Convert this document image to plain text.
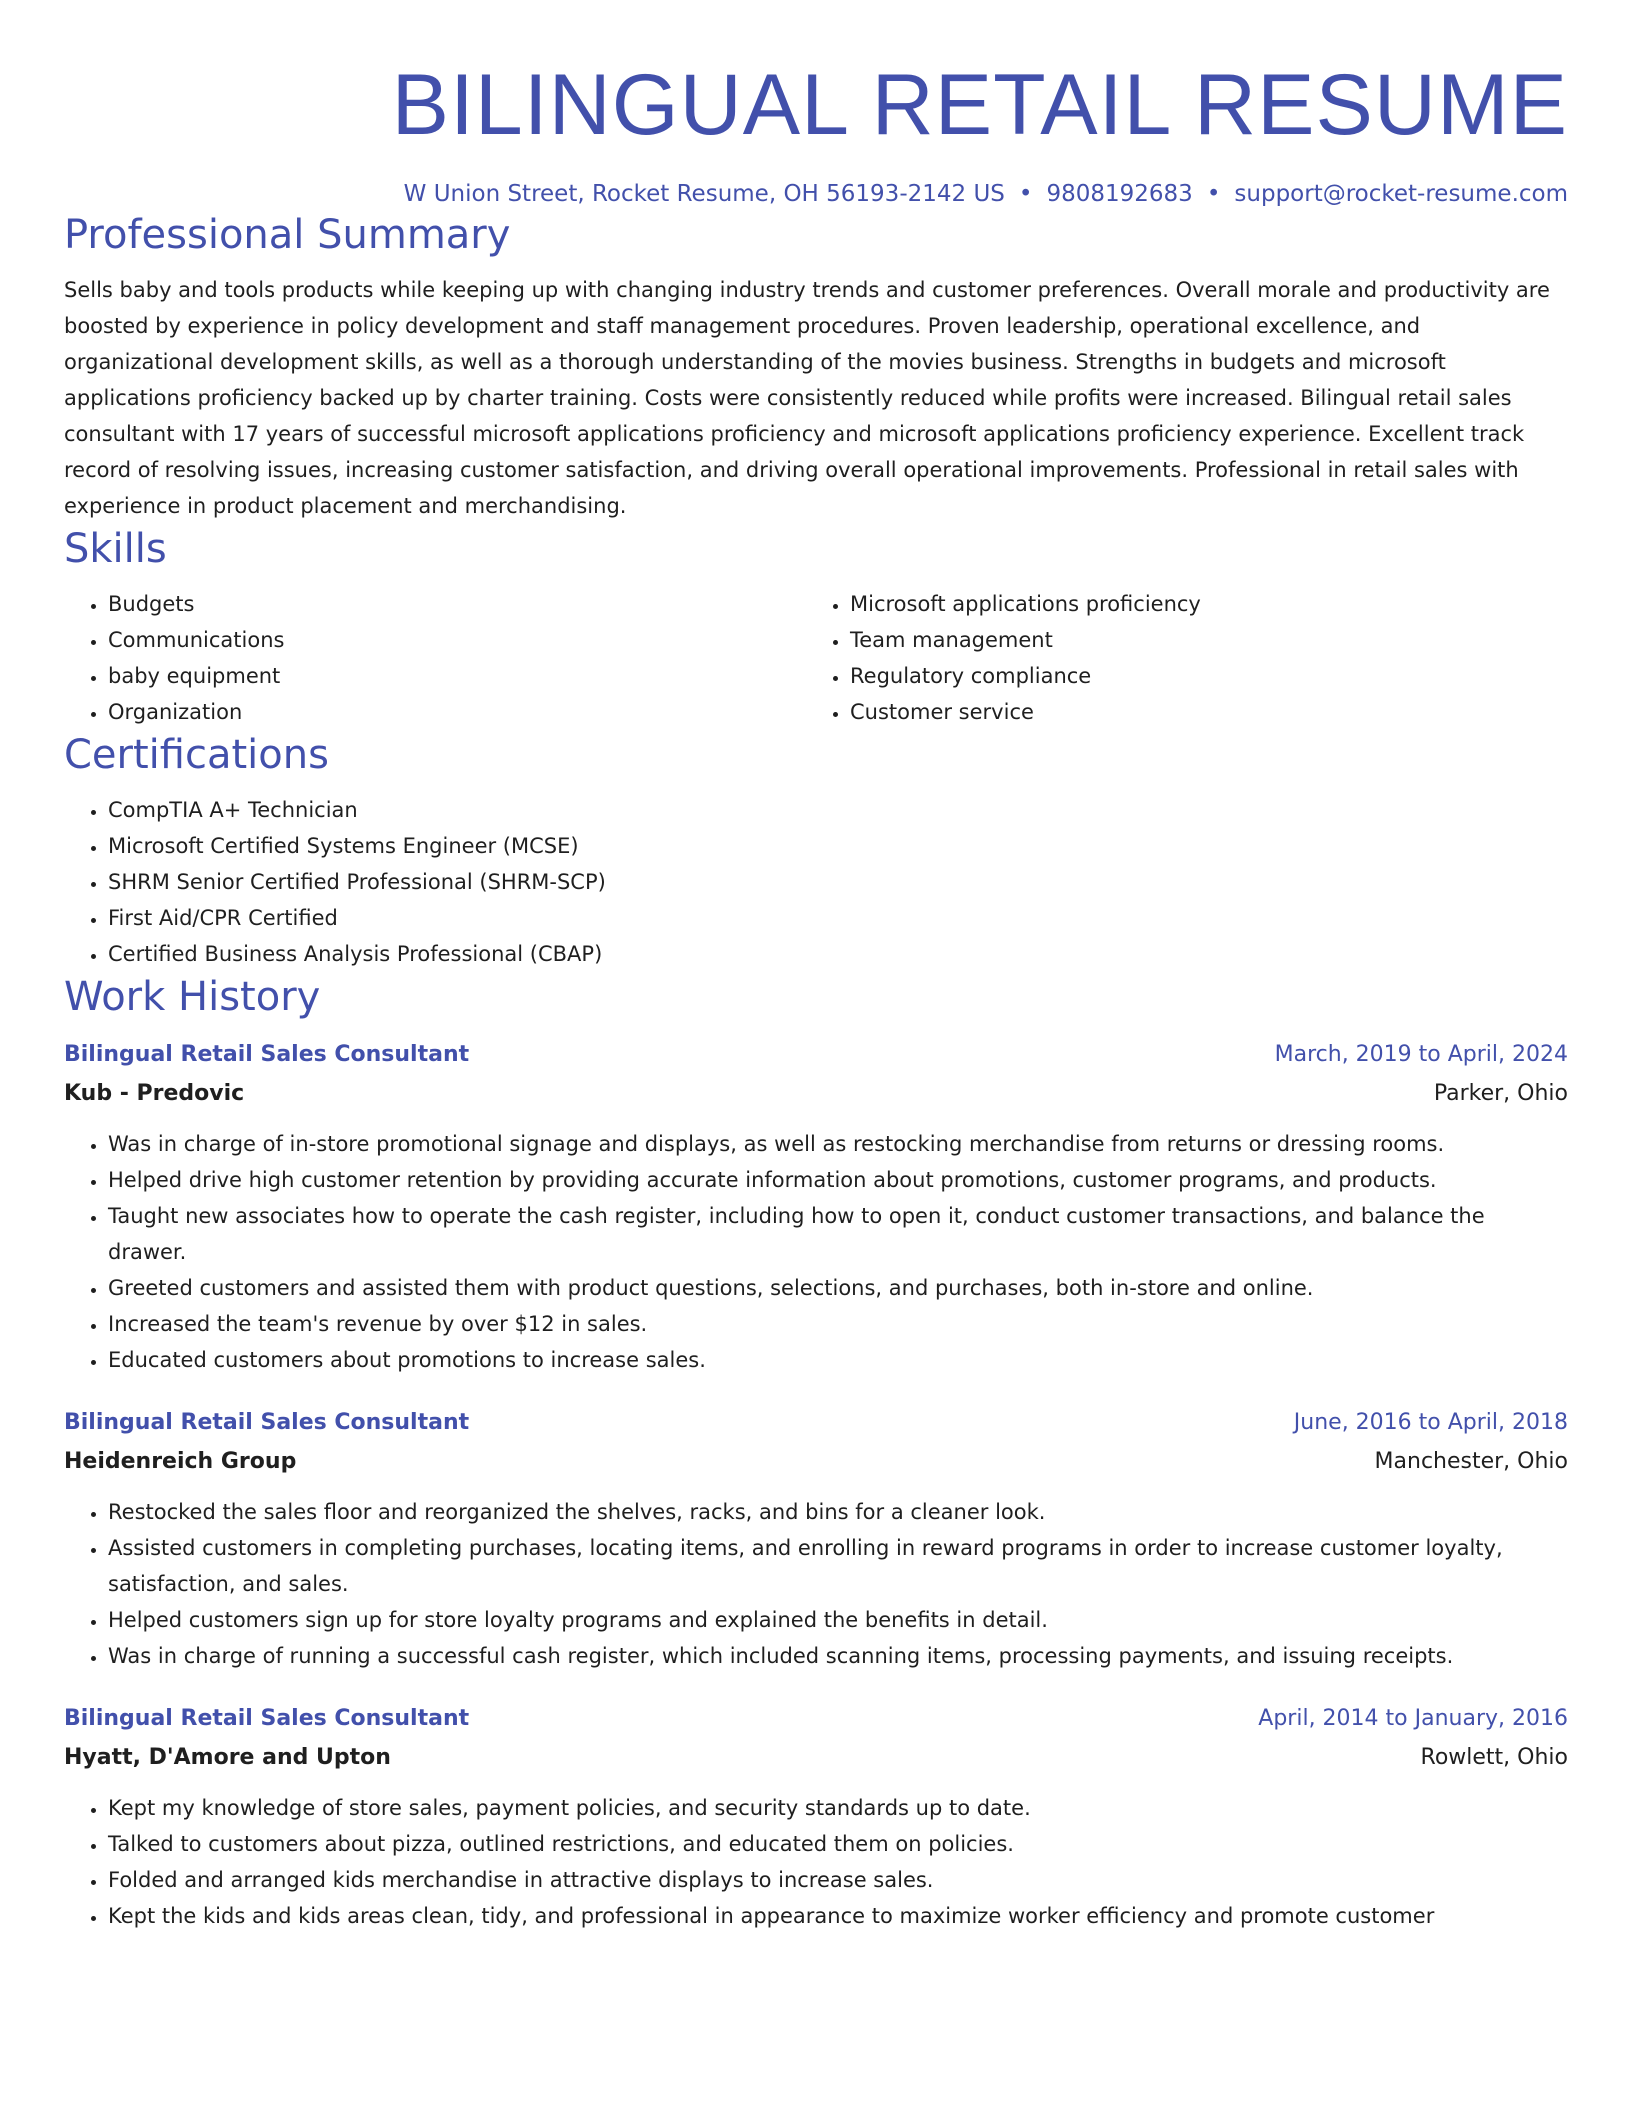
BILINGUAL RETAIL RESUME
W Union Street, Rocket Resume, OH 56193-2142 US • 9808192683 • support@rocket-resume.com
Professional Summary

Sells baby and tools products while keeping up with changing industry trends and customer preferences. Overall morale and productivity are boosted by experience in policy development and staff management procedures. Proven leadership, operational excellence, and organizational development skills, as well as a thorough understanding of the movies business. Strengths in budgets and microsoft applications proficiency backed up by charter training. Costs were consistently reduced while profits were increased. Bilingual retail sales consultant with 17 years of successful microsoft applications proficiency and microsoft applications proficiency experience. Excellent track record of resolving issues, increasing customer satisfaction, and driving overall operational improvements. Professional in retail sales with experience in product placement and merchandising.

Skills
• Budgets
• Communications
• baby equipment
• Organization
• Microsoft applications proficiency
• Team management
• Regulatory compliance
• Customer service
Certifications
• CompTIA A+ Technician
• Microsoft Certified Systems Engineer (MCSE)
• SHRM Senior Certified Professional (SHRM-SCP)
• First Aid/CPR Certified
• Certified Business Analysis Professional (CBAP)
Work History
Bilingual Retail Sales Consultant	March, 2019 to April, 2024
Kub - Predovic	Parker, Ohio
• Was in charge of in-store promotional signage and displays, as well as restocking merchandise from returns or dressing rooms.
• Helped drive high customer retention by providing accurate information about promotions, customer programs, and products.
• Taught new associates how to operate the cash register, including how to open it, conduct customer transactions, and balance the drawer.
• Greeted customers and assisted them with product questions, selections, and purchases, both in-store and online.
• Increased the team's revenue by over $12 in sales.
• Educated customers about promotions to increase sales.
Bilingual Retail Sales Consultant	June, 2016 to April, 2018
Heidenreich Group	Manchester, Ohio
• Restocked the sales floor and reorganized the shelves, racks, and bins for a cleaner look.
• Assisted customers in completing purchases, locating items, and enrolling in reward programs in order to increase customer loyalty, satisfaction, and sales.
• Helped customers sign up for store loyalty programs and explained the benefits in detail.
• Was in charge of running a successful cash register, which included scanning items, processing payments, and issuing receipts.
Bilingual Retail Sales Consultant	April, 2014 to January, 2016
Hyatt, D'Amore and Upton	Rowlett, Ohio
• Kept my knowledge of store sales, payment policies, and security standards up to date.
• Talked to customers about pizza, outlined restrictions, and educated them on policies.
• Folded and arranged kids merchandise in attractive displays to increase sales.
• Kept the kids and kids areas clean, tidy, and professional in appearance to maximize worker efficiency and promote customer
